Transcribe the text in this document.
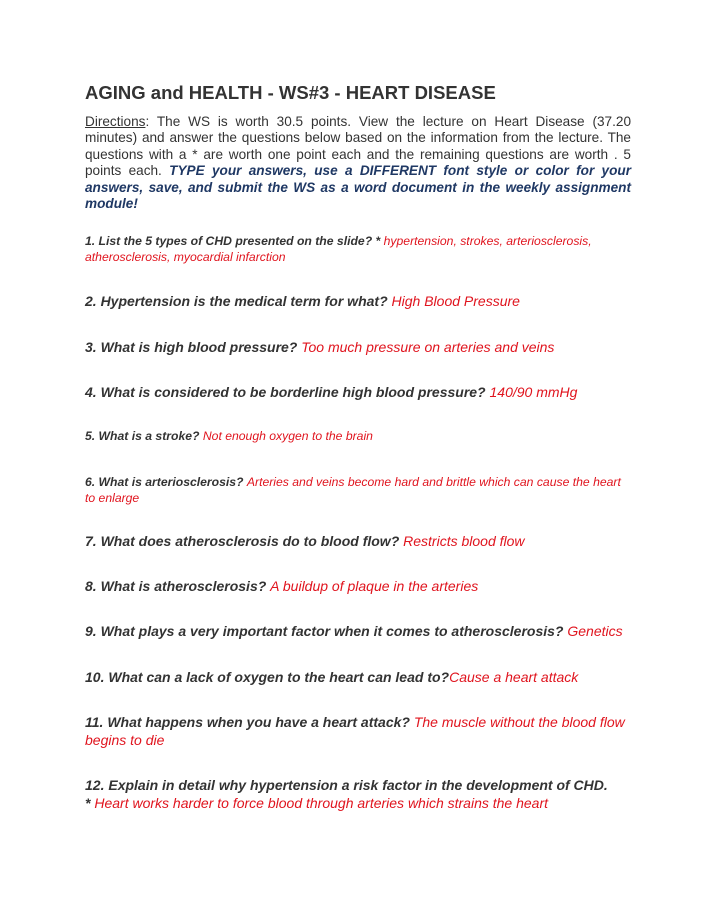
AGING and HEALTH - WS#3 - HEART DISEASE
Directions: The WS is worth 30.5 points. View the lecture on Heart Disease (37.20 minutes) and answer the questions below based on the information from the lecture. The questions with a * are worth one point each and the remaining questions are worth . 5 points each. TYPE your answers, use a DIFFERENT font style or color for your answers, save, and submit the WS as a word document in the weekly assignment module!
1. List the 5 types of CHD presented on the slide? * hypertension, strokes, arteriosclerosis, atherosclerosis, myocardial infarction
2. Hypertension is the medical term for what? High Blood Pressure
3. What is high blood pressure? Too much pressure on arteries and veins
4. What is considered to be borderline high blood pressure? 140/90 mmHg
5. What is a stroke? Not enough oxygen to the brain
6. What is arteriosclerosis? Arteries and veins become hard and brittle which can cause the heart to enlarge
7. What does atherosclerosis do to blood flow? Restricts blood flow
8. What is atherosclerosis? A buildup of plaque in the arteries
9. What plays a very important factor when it comes to atherosclerosis? Genetics
10. What can a lack of oxygen to the heart can lead to?Cause a heart attack
11. What happens when you have a heart attack? The muscle without the blood flow begins to die
12. Explain in detail why hypertension a risk factor in the development of CHD.
* Heart works harder to force blood through arteries which strains the heart
